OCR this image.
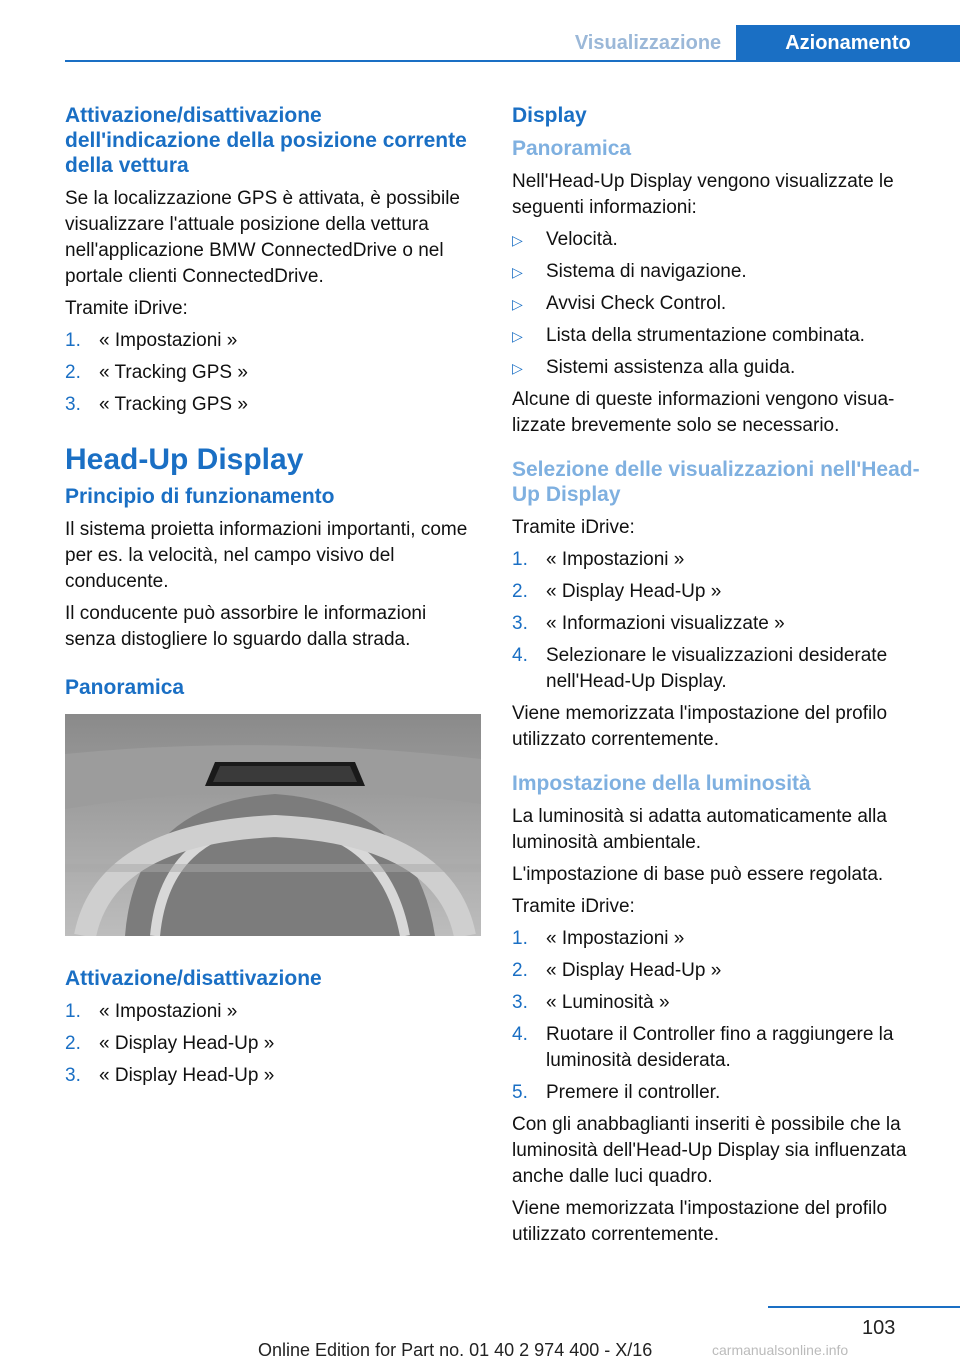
Visualizzazione	Azionamento
Attivazione/disattivazione dell'indicazione della posizione corrente della vettura

Se la localizzazione GPS è attivata, è possibile visualizzare l'attuale posizione della vettura nell'applicazione BMW ConnectedDrive o nel portale clienti ConnectedDrive.

Tramite iDrive:

1. « Impostazioni »
2. « Tracking GPS »
3. « Tracking GPS »
Head-Up Display
Principio di funzionamento

Il sistema proietta informazioni importanti, come per es. la velocità, nel campo visivo del conducente.

Il conducente può assorbire le informazioni senza distogliere lo sguardo dalla strada.

Panoramica
Attivazione/disattivazione
1. « Impostazioni »
2. « Display Head-Up »
3. « Display Head-Up »
Display
Panoramica

Nell'Head-Up Display vengono visualizzate le seguenti informazioni:

▷	Velocità.
▷	Sistema di navigazione.
▷	Avvisi Check Control.
▷	Lista della strumentazione combinata.
▷	Sistemi assistenza alla guida.

Alcune di queste informazioni vengono visua- lizzate brevemente solo se necessario.

Selezione delle visualizzazioni nell'Head-Up Display

Tramite iDrive:

1. « Impostazioni »
2. « Display Head-Up »
3. « Informazioni visualizzate »
4. Selezionare le visualizzazioni desiderate nell'Head-Up Display.

Viene memorizzata l'impostazione del profilo utilizzato correntemente.

Impostazione della luminosità

La luminosità si adatta automaticamente alla luminosità ambientale.

L'impostazione di base può essere regolata.

Tramite iDrive:

1. « Impostazioni »
2. « Display Head-Up »
3. « Luminosità »
4. Ruotare il Controller fino a raggiungere la luminosità desiderata.
5. Premere il controller.

Con gli anabbaglianti inseriti è possibile che la luminosità dell'Head-Up Display sia influenzata anche dalle luci quadro.

Viene memorizzata l'impostazione del profilo utilizzato correntemente.

103
Online Edition for Part no. 01 40 2 974 400 - X/16	carmanualsonline.info
